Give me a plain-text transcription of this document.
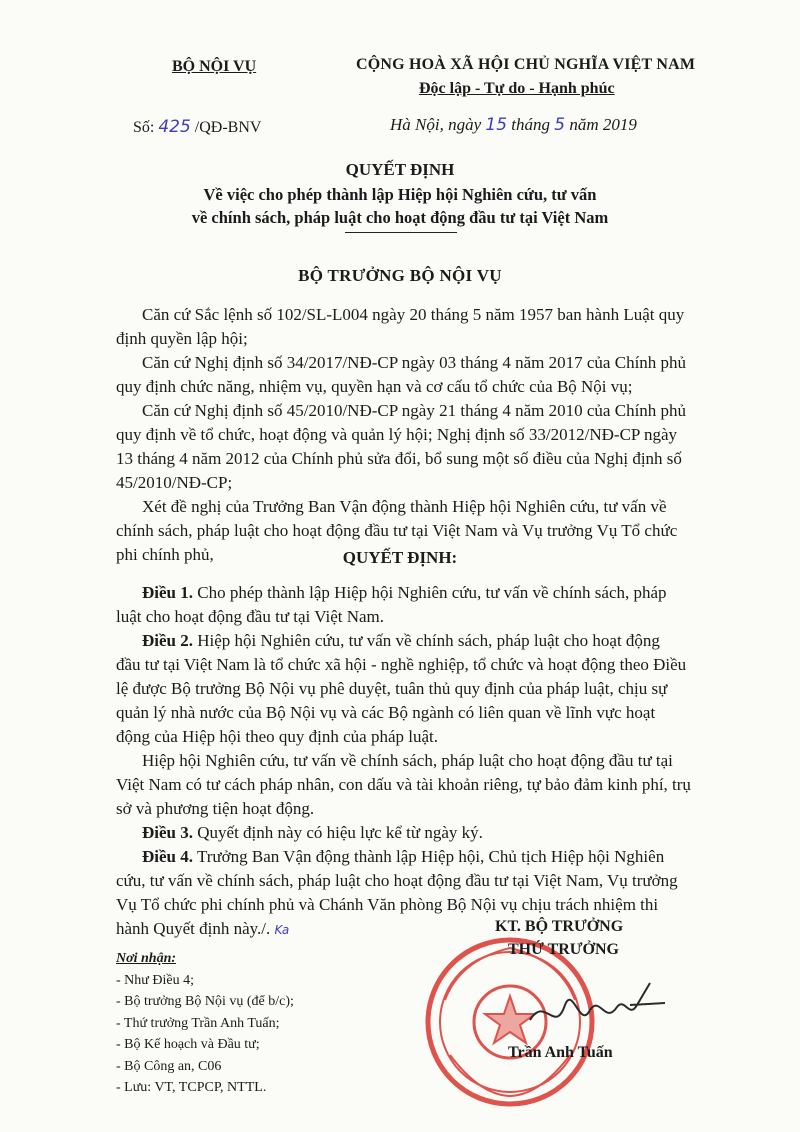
BỘ NỘI VỤ	CỘNG HOÀ XÃ HỘI CHỦ NGHĨA VIỆT NAM
Độc lập - Tự do - Hạnh phúc
Số: 425 /QĐ-BNV	Hà Nội, ngày 15 tháng 5 năm 2019
QUYẾT ĐỊNH
Về việc cho phép thành lập Hiệp hội Nghiên cứu, tư vấn
về chính sách, pháp luật cho hoạt động đầu tư tại Việt Nam
BỘ TRƯỞNG BỘ NỘI VỤ
Căn cứ Sắc lệnh số 102/SL-L004 ngày 20 tháng 5 năm 1957 ban hành Luật quy
định quyền lập hội;
Căn cứ Nghị định số 34/2017/NĐ-CP ngày 03 tháng 4 năm 2017 của Chính phủ
quy định chức năng, nhiệm vụ, quyền hạn và cơ cấu tổ chức của Bộ Nội vụ;
Căn cứ Nghị định số 45/2010/NĐ-CP ngày 21 tháng 4 năm 2010 của Chính phủ
quy định về tổ chức, hoạt động và quản lý hội; Nghị định số 33/2012/NĐ-CP ngày
13 tháng 4 năm 2012 của Chính phủ sửa đổi, bổ sung một số điều của Nghị định số
45/2010/NĐ-CP;
Xét đề nghị của Trưởng Ban Vận động thành Hiệp hội Nghiên cứu, tư vấn về
chính sách, pháp luật cho hoạt động đầu tư tại Việt Nam và Vụ trưởng Vụ Tổ chức
phi chính phủ,	QUYẾT ĐỊNH:
Điều 1. Cho phép thành lập Hiệp hội Nghiên cứu, tư vấn về chính sách, pháp
luật cho hoạt động đầu tư tại Việt Nam.
Điều 2. Hiệp hội Nghiên cứu, tư vấn về chính sách, pháp luật cho hoạt động
đầu tư tại Việt Nam là tổ chức xã hội - nghề nghiệp, tổ chức và hoạt động theo Điều
lệ được Bộ trưởng Bộ Nội vụ phê duyệt, tuân thủ quy định của pháp luật, chịu sự
quản lý nhà nước của Bộ Nội vụ và các Bộ ngành có liên quan về lĩnh vực hoạt
động của Hiệp hội theo quy định của pháp luật.
Hiệp hội Nghiên cứu, tư vấn về chính sách, pháp luật cho hoạt động đầu tư tại
Việt Nam có tư cách pháp nhân, con dấu và tài khoản riêng, tự bảo đảm kinh phí, trụ
sở và phương tiện hoạt động.
Điều 3. Quyết định này có hiệu lực kể từ ngày ký.
Điều 4. Trưởng Ban Vận động thành lập Hiệp hội, Chủ tịch Hiệp hội Nghiên
cứu, tư vấn về chính sách, pháp luật cho hoạt động đầu tư tại Việt Nam, Vụ trưởng
Vụ Tổ chức phi chính phủ và Chánh Văn phòng Bộ Nội vụ chịu trách nhiệm thi
hành Quyết định này./. Ka
Nơi nhận:
- Như Điều 4;
- Bộ trưởng Bộ Nội vụ (để b/c);
- Thứ trưởng Trần Anh Tuấn;
- Bộ Kế hoạch và Đầu tư;
- Bộ Công an, C06
- Lưu: VT, TCPCP, NTTL.
KT. BỘ TRƯỞNG
THỨ TRƯỞNG
Trần Anh Tuấn
